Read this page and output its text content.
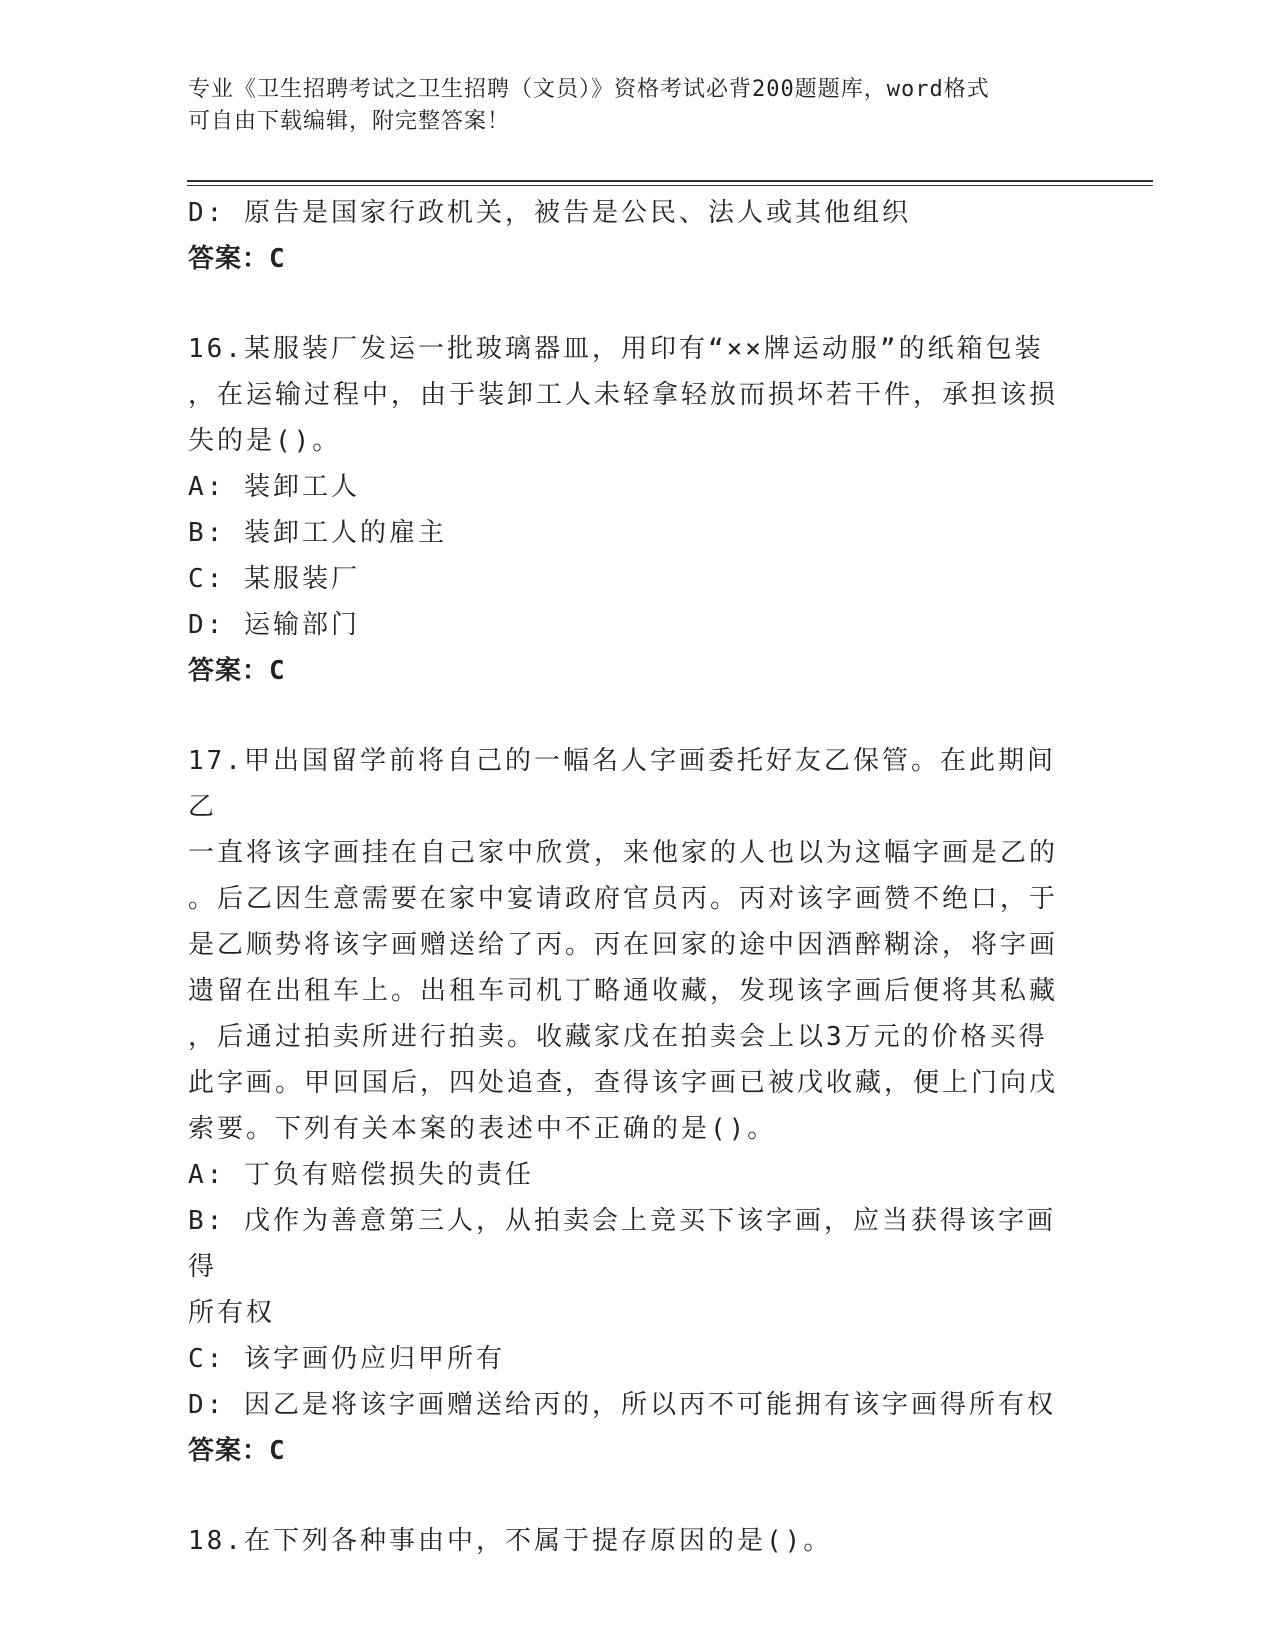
专业《卫生招聘考试之卫生招聘（文员）》资格考试必背200题题库，word格式
可自由下载编辑，附完整答案！
D: 原告是国家行政机关，被告是公民、法人或其他组织
答案：C
16.某服装厂发运一批玻璃器皿，用印有“××牌运动服”的纸箱包装
，在运输过程中，由于装卸工人未轻拿轻放而损坏若干件，承担该损
失的是()。
A: 装卸工人
B: 装卸工人的雇主
C: 某服装厂
D: 运输部门
答案：C
17.甲出国留学前将自己的一幅名人字画委托好友乙保管。在此期间乙
一直将该字画挂在自己家中欣赏，来他家的人也以为这幅字画是乙的
。后乙因生意需要在家中宴请政府官员丙。丙对该字画赞不绝口，于
是乙顺势将该字画赠送给了丙。丙在回家的途中因酒醉糊涂，将字画
遗留在出租车上。出租车司机丁略通收藏，发现该字画后便将其私藏
，后通过拍卖所进行拍卖。收藏家戊在拍卖会上以3万元的价格买得
此字画。甲回国后，四处追查，查得该字画已被戊收藏，便上门向戊
索要。下列有关本案的表述中不正确的是()。
A: 丁负有赔偿损失的责任
B: 戊作为善意第三人，从拍卖会上竞买下该字画，应当获得该字画得
所有权
C: 该字画仍应归甲所有
D: 因乙是将该字画赠送给丙的，所以丙不可能拥有该字画得所有权
答案：C
18.在下列各种事由中，不属于提存原因的是()。
